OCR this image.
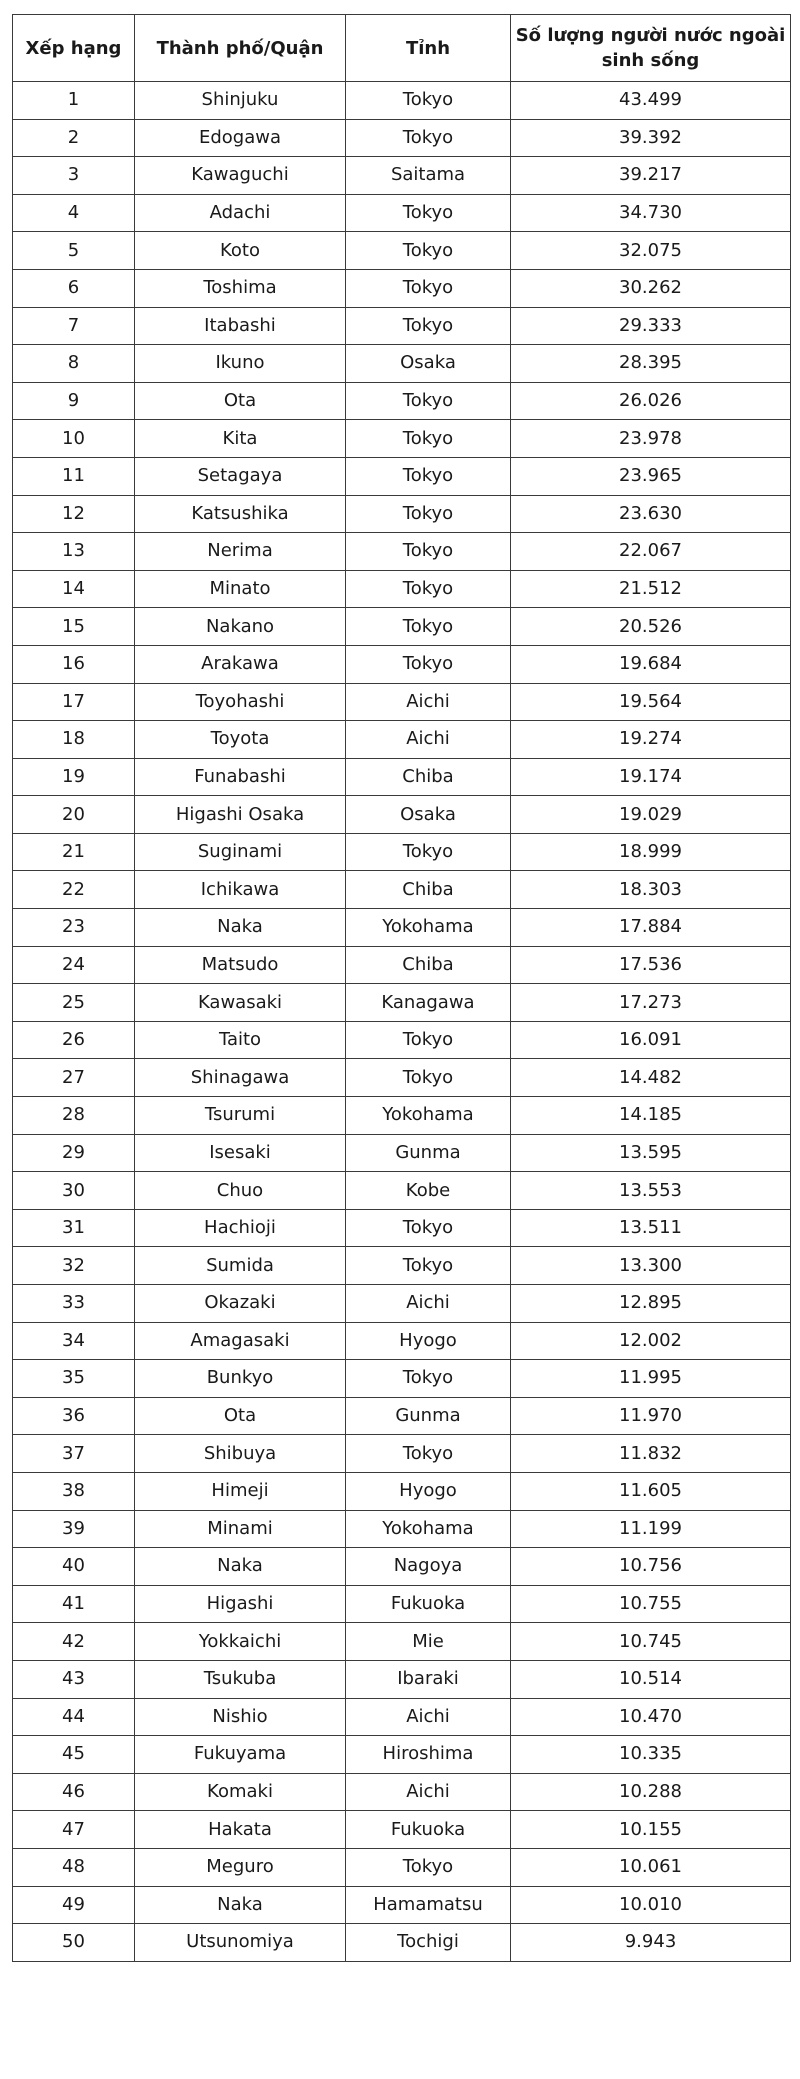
Xếp hạng	Thành phố/Quận	Tỉnh	Số lượng người nước ngoài sinh sống
1	Shinjuku	Tokyo	43.499
2	Edogawa	Tokyo	39.392
3	Kawaguchi	Saitama	39.217
4	Adachi	Tokyo	34.730
5	Koto	Tokyo	32.075
6	Toshima	Tokyo	30.262
7	Itabashi	Tokyo	29.333
8	Ikuno	Osaka	28.395
9	Ota	Tokyo	26.026
10	Kita	Tokyo	23.978
11	Setagaya	Tokyo	23.965
12	Katsushika	Tokyo	23.630
13	Nerima	Tokyo	22.067
14	Minato	Tokyo	21.512
15	Nakano	Tokyo	20.526
16	Arakawa	Tokyo	19.684
17	Toyohashi	Aichi	19.564
18	Toyota	Aichi	19.274
19	Funabashi	Chiba	19.174
20	Higashi Osaka	Osaka	19.029
21	Suginami	Tokyo	18.999
22	Ichikawa	Chiba	18.303
23	Naka	Yokohama	17.884
24	Matsudo	Chiba	17.536
25	Kawasaki	Kanagawa	17.273
26	Taito	Tokyo	16.091
27	Shinagawa	Tokyo	14.482
28	Tsurumi	Yokohama	14.185
29	Isesaki	Gunma	13.595
30	Chuo	Kobe	13.553
31	Hachioji	Tokyo	13.511
32	Sumida	Tokyo	13.300
33	Okazaki	Aichi	12.895
34	Amagasaki	Hyogo	12.002
35	Bunkyo	Tokyo	11.995
36	Ota	Gunma	11.970
37	Shibuya	Tokyo	11.832
38	Himeji	Hyogo	11.605
39	Minami	Yokohama	11.199
40	Naka	Nagoya	10.756
41	Higashi	Fukuoka	10.755
42	Yokkaichi	Mie	10.745
43	Tsukuba	Ibaraki	10.514
44	Nishio	Aichi	10.470
45	Fukuyama	Hiroshima	10.335
46	Komaki	Aichi	10.288
47	Hakata	Fukuoka	10.155
48	Meguro	Tokyo	10.061
49	Naka	Hamamatsu	10.010
50	Utsunomiya	Tochigi	9.943
